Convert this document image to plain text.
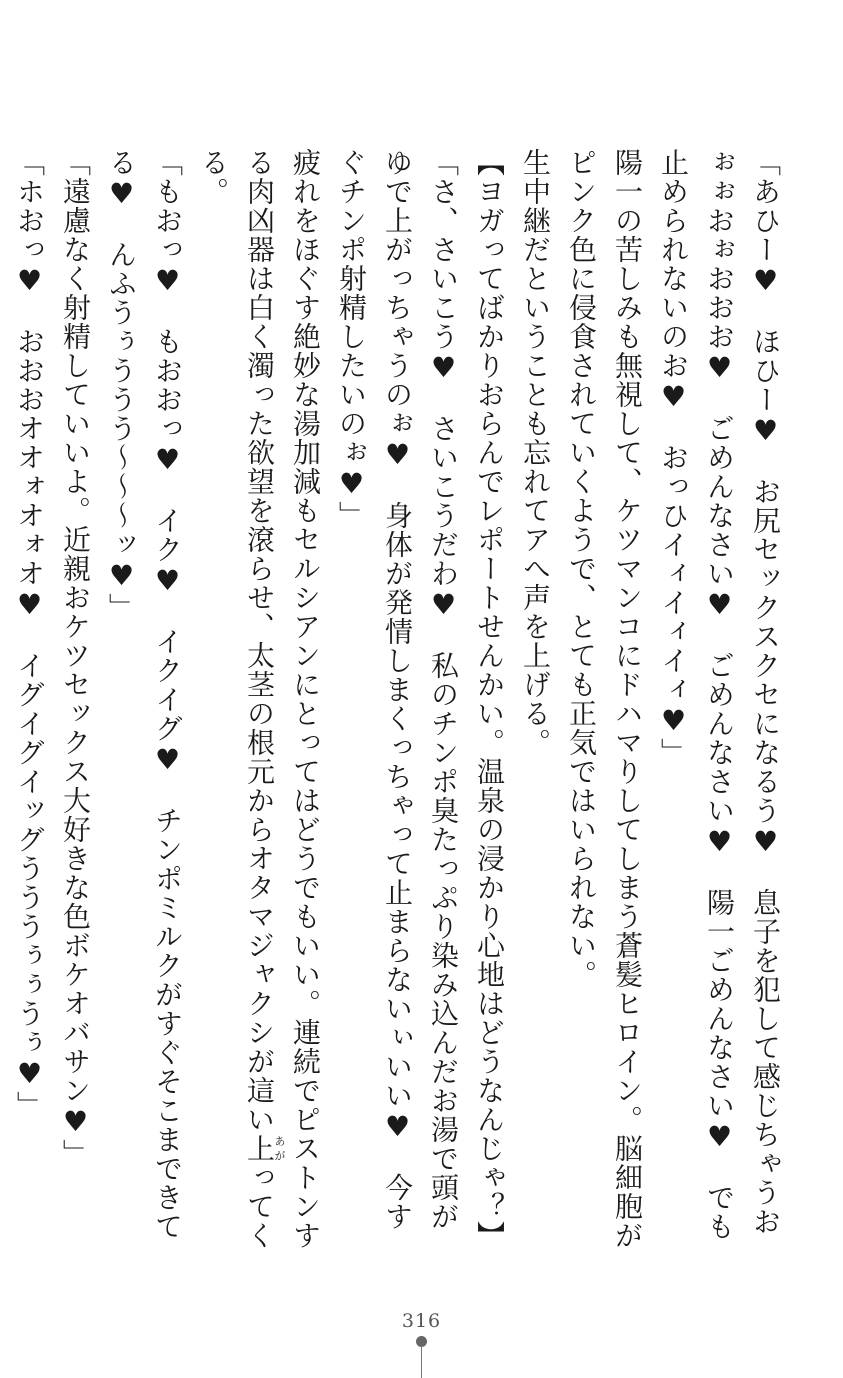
「あひー♥　ほひー♥　お尻セックスクセになるう♥　息子を犯して感じちゃうおぉぉおぉおおお♥　ごめんなさい♥　ごめんなさい♥　陽一ごめんなさい♥　でも止められないのお♥　おっひイィイィイィ♥」

陽一の苦しみも無視して、ケツマンコにドハマりしてしまう蒼髪ヒロイン。脳細胞がピンク色に侵食されていくようで、とても正気ではいられない。

生中継だということも忘れてアへ声を上げる。

【ヨガってばかりおらんでレポートせんかい。温泉の浸かり心地はどうなんじゃ？】

「さ、さいこう♥　さいこうだわ♥　私のチンポ臭たっぷり染み込んだお湯で頭がゆで上がっちゃうのぉ♥　身体が発情しまくっちゃって止まらないぃいい♥　今すぐチンポ射精したいのぉ♥」

疲れをほぐす絶妙な湯加減もセルシアンにとってはどうでもいい。連続でピストンする肉凶器は白く濁った欲望を滾らせ、太茎の根元からオタマジャクシが這い上あがってくる。

「もおっ♥　もおおっ♥　イク♥　イクイグ♥　チンポミルクがすぐそこまできてる♥　んふうぅううう〜〜〜ッ♥」

「遠慮なく射精していいよ。近親おケツセックス大好きな色ボケオバサン♥」

「ホおっ♥　おおおオオォオォオ♥　イグイグイッグうううぅぅうぅ♥」

316
